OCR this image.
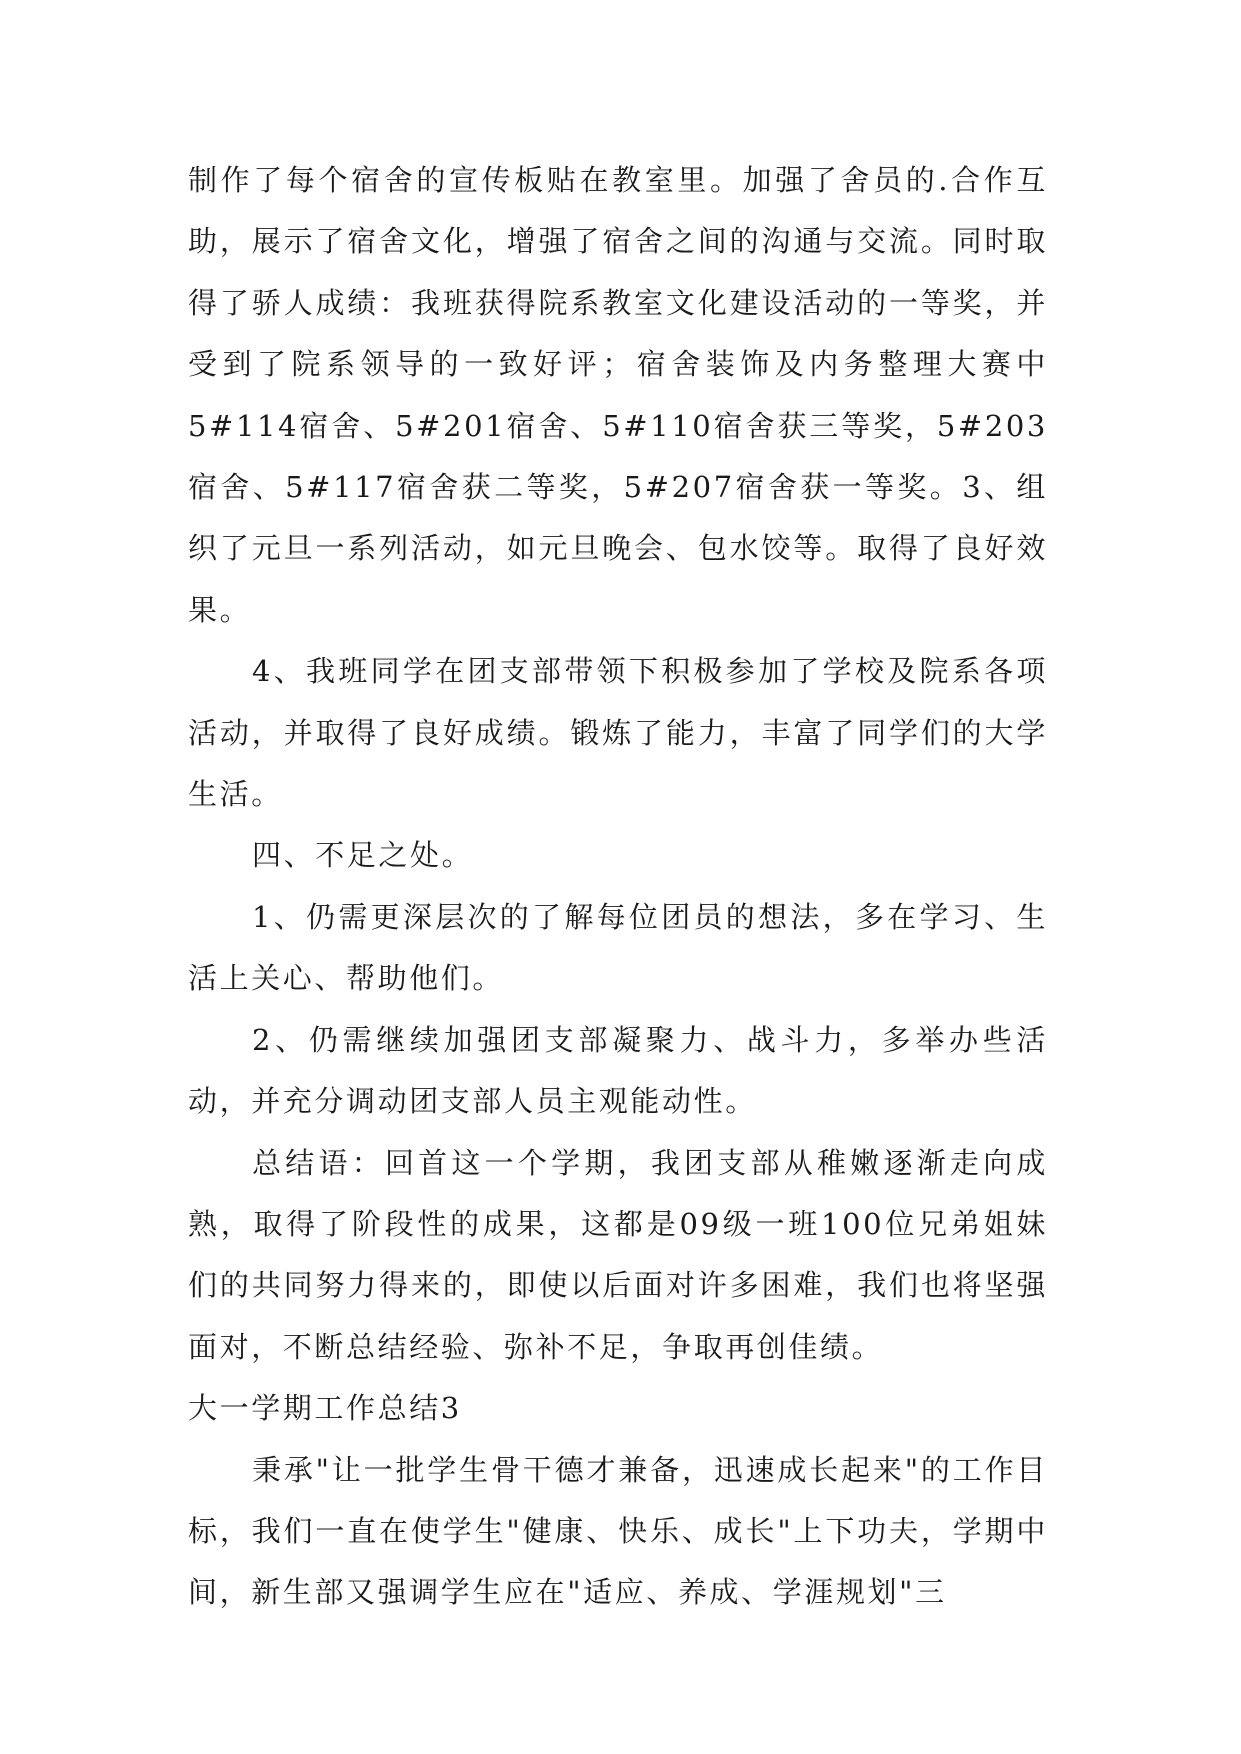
制作了每个宿舍的宣传板贴在教室里。加强了舍员的.合作互助，展示了宿舍文化，增强了宿舍之间的沟通与交流。同时取得了骄人成绩：我班获得院系教室文化建设活动的一等奖，并受到了院系领导的一致好评；宿舍装饰及内务整理大赛中5#114宿舍、5#201宿舍、5#110宿舍获三等奖，5#203宿舍、5#117宿舍获二等奖，5#207宿舍获一等奖。3、组织了元旦一系列活动，如元旦晚会、包水饺等。取得了良好效果。

4、我班同学在团支部带领下积极参加了学校及院系各项活动，并取得了良好成绩。锻炼了能力，丰富了同学们的大学生活。

四、不足之处。

1、仍需更深层次的了解每位团员的想法，多在学习、生活上关心、帮助他们。

2、仍需继续加强团支部凝聚力、战斗力，多举办些活动，并充分调动团支部人员主观能动性。

总结语：回首这一个学期，我团支部从稚嫩逐渐走向成熟，取得了阶段性的成果，这都是09级一班100位兄弟姐妹们的共同努力得来的，即使以后面对许多困难，我们也将坚强面对，不断总结经验、弥补不足，争取再创佳绩。

大一学期工作总结3

秉承"让一批学生骨干德才兼备，迅速成长起来"的工作目标，我们一直在使学生"健康、快乐、成长"上下功夫，学期中间，新生部又强调学生应在"适应、养成、学涯规划"三
